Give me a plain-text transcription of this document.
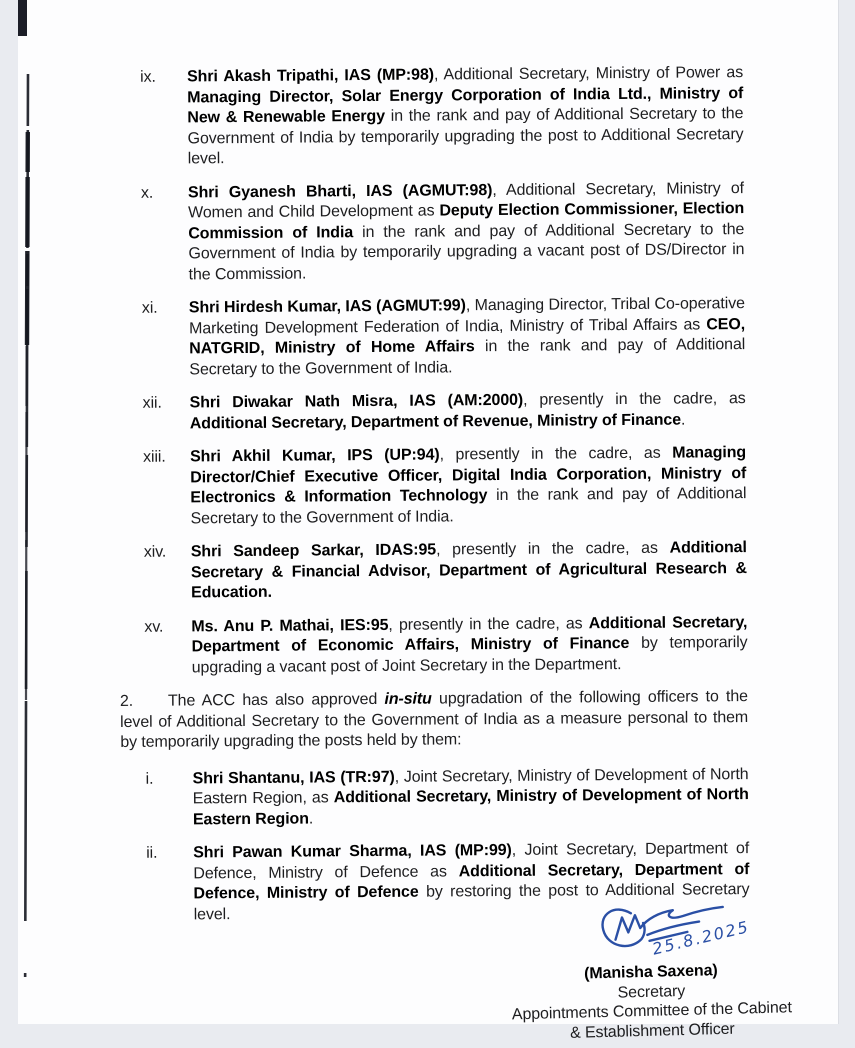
ix.	Shri Akash Tripathi, IAS (MP:98), Additional Secretary, Ministry of Power as Managing Director, Solar Energy Corporation of India Ltd., Ministry of New & Renewable Energy in the rank and pay of Additional Secretary to the Government of India by temporarily upgrading the post to Additional Secretary level.
x.	Shri Gyanesh Bharti, IAS (AGMUT:98), Additional Secretary, Ministry of Women and Child Development as Deputy Election Commissioner, Election Commission of India in the rank and pay of Additional Secretary to the Government of India by temporarily upgrading a vacant post of DS/Director in the Commission.
xi.	Shri Hirdesh Kumar, IAS (AGMUT:99), Managing Director, Tribal Co-operative Marketing Development Federation of India, Ministry of Tribal Affairs as CEO, NATGRID, Ministry of Home Affairs in the rank and pay of Additional Secretary to the Government of India.
xii.	Shri Diwakar Nath Misra, IAS (AM:2000), presently in the cadre, as Additional Secretary, Department of Revenue, Ministry of Finance.
xiii.	Shri Akhil Kumar, IPS (UP:94), presently in the cadre, as Managing Director/Chief Executive Officer, Digital India Corporation, Ministry of Electronics & Information Technology in the rank and pay of Additional Secretary to the Government of India.
xiv.	Shri Sandeep Sarkar, IDAS:95, presently in the cadre, as Additional Secretary & Financial Advisor, Department of Agricultural Research & Education.
xv.	Ms. Anu P. Mathai, IES:95, presently in the cadre, as Additional Secretary, Department of Economic Affairs, Ministry of Finance by temporarily upgrading a vacant post of Joint Secretary in the Department.
2. The ACC has also approved in-situ upgradation of the following officers to the level of Additional Secretary to the Government of India as a measure personal to them by temporarily upgrading the posts held by them:
i.	Shri Shantanu, IAS (TR:97), Joint Secretary, Ministry of Development of North Eastern Region, as Additional Secretary, Ministry of Development of North Eastern Region.
ii.	Shri Pawan Kumar Sharma, IAS (MP:99), Joint Secretary, Department of Defence, Ministry of Defence as Additional Secretary, Department of Defence, Ministry of Defence by restoring the post to Additional Secretary level.
25.8.2025
(Manisha Saxena)
Secretary
Appointments Committee of the Cabinet
& Establishment Officer
